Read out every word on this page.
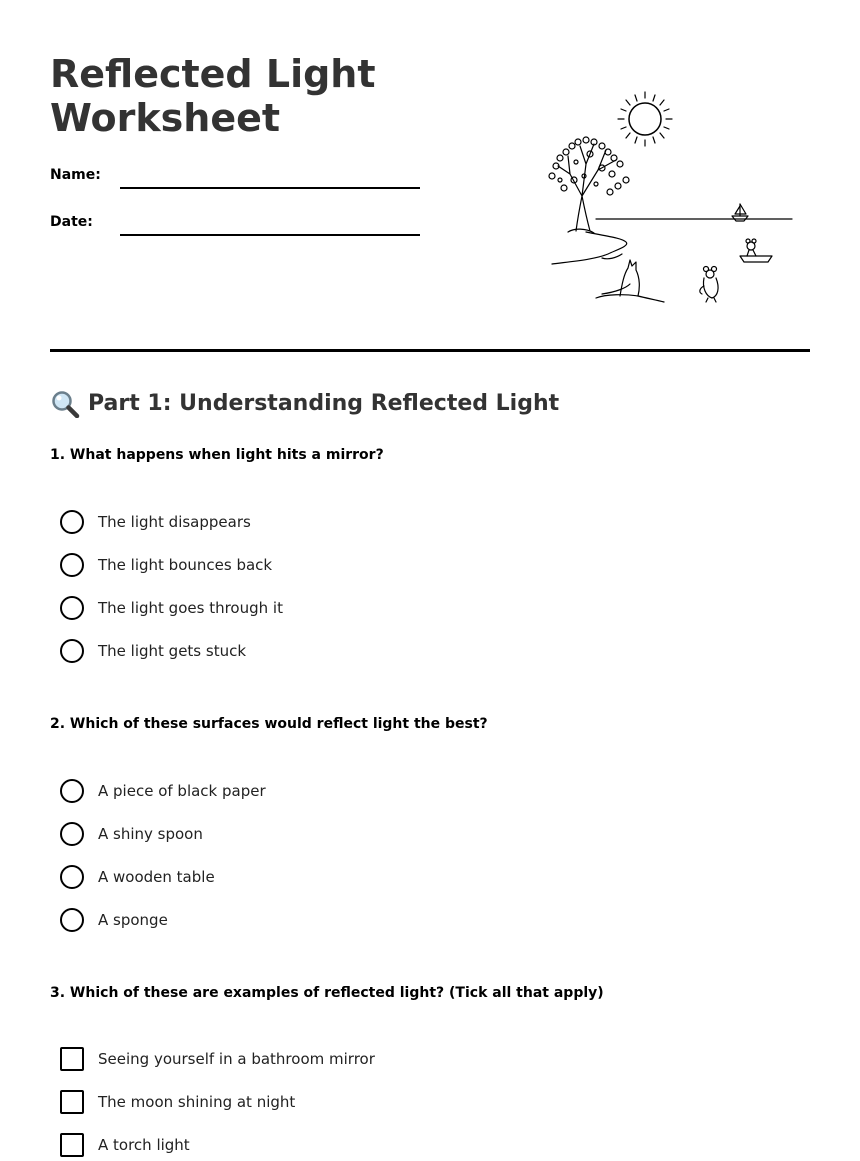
Reflected Light
Worksheet
Name:
Date:
Part 1: Understanding Reflected Light
1. What happens when light hits a mirror?
The light disappears
The light bounces back
The light goes through it
The light gets stuck
2. Which of these surfaces would reflect light the best?
A piece of black paper
A shiny spoon
A wooden table
A sponge
3. Which of these are examples of reflected light? (Tick all that apply)
Seeing yourself in a bathroom mirror
The moon shining at night
A torch light
